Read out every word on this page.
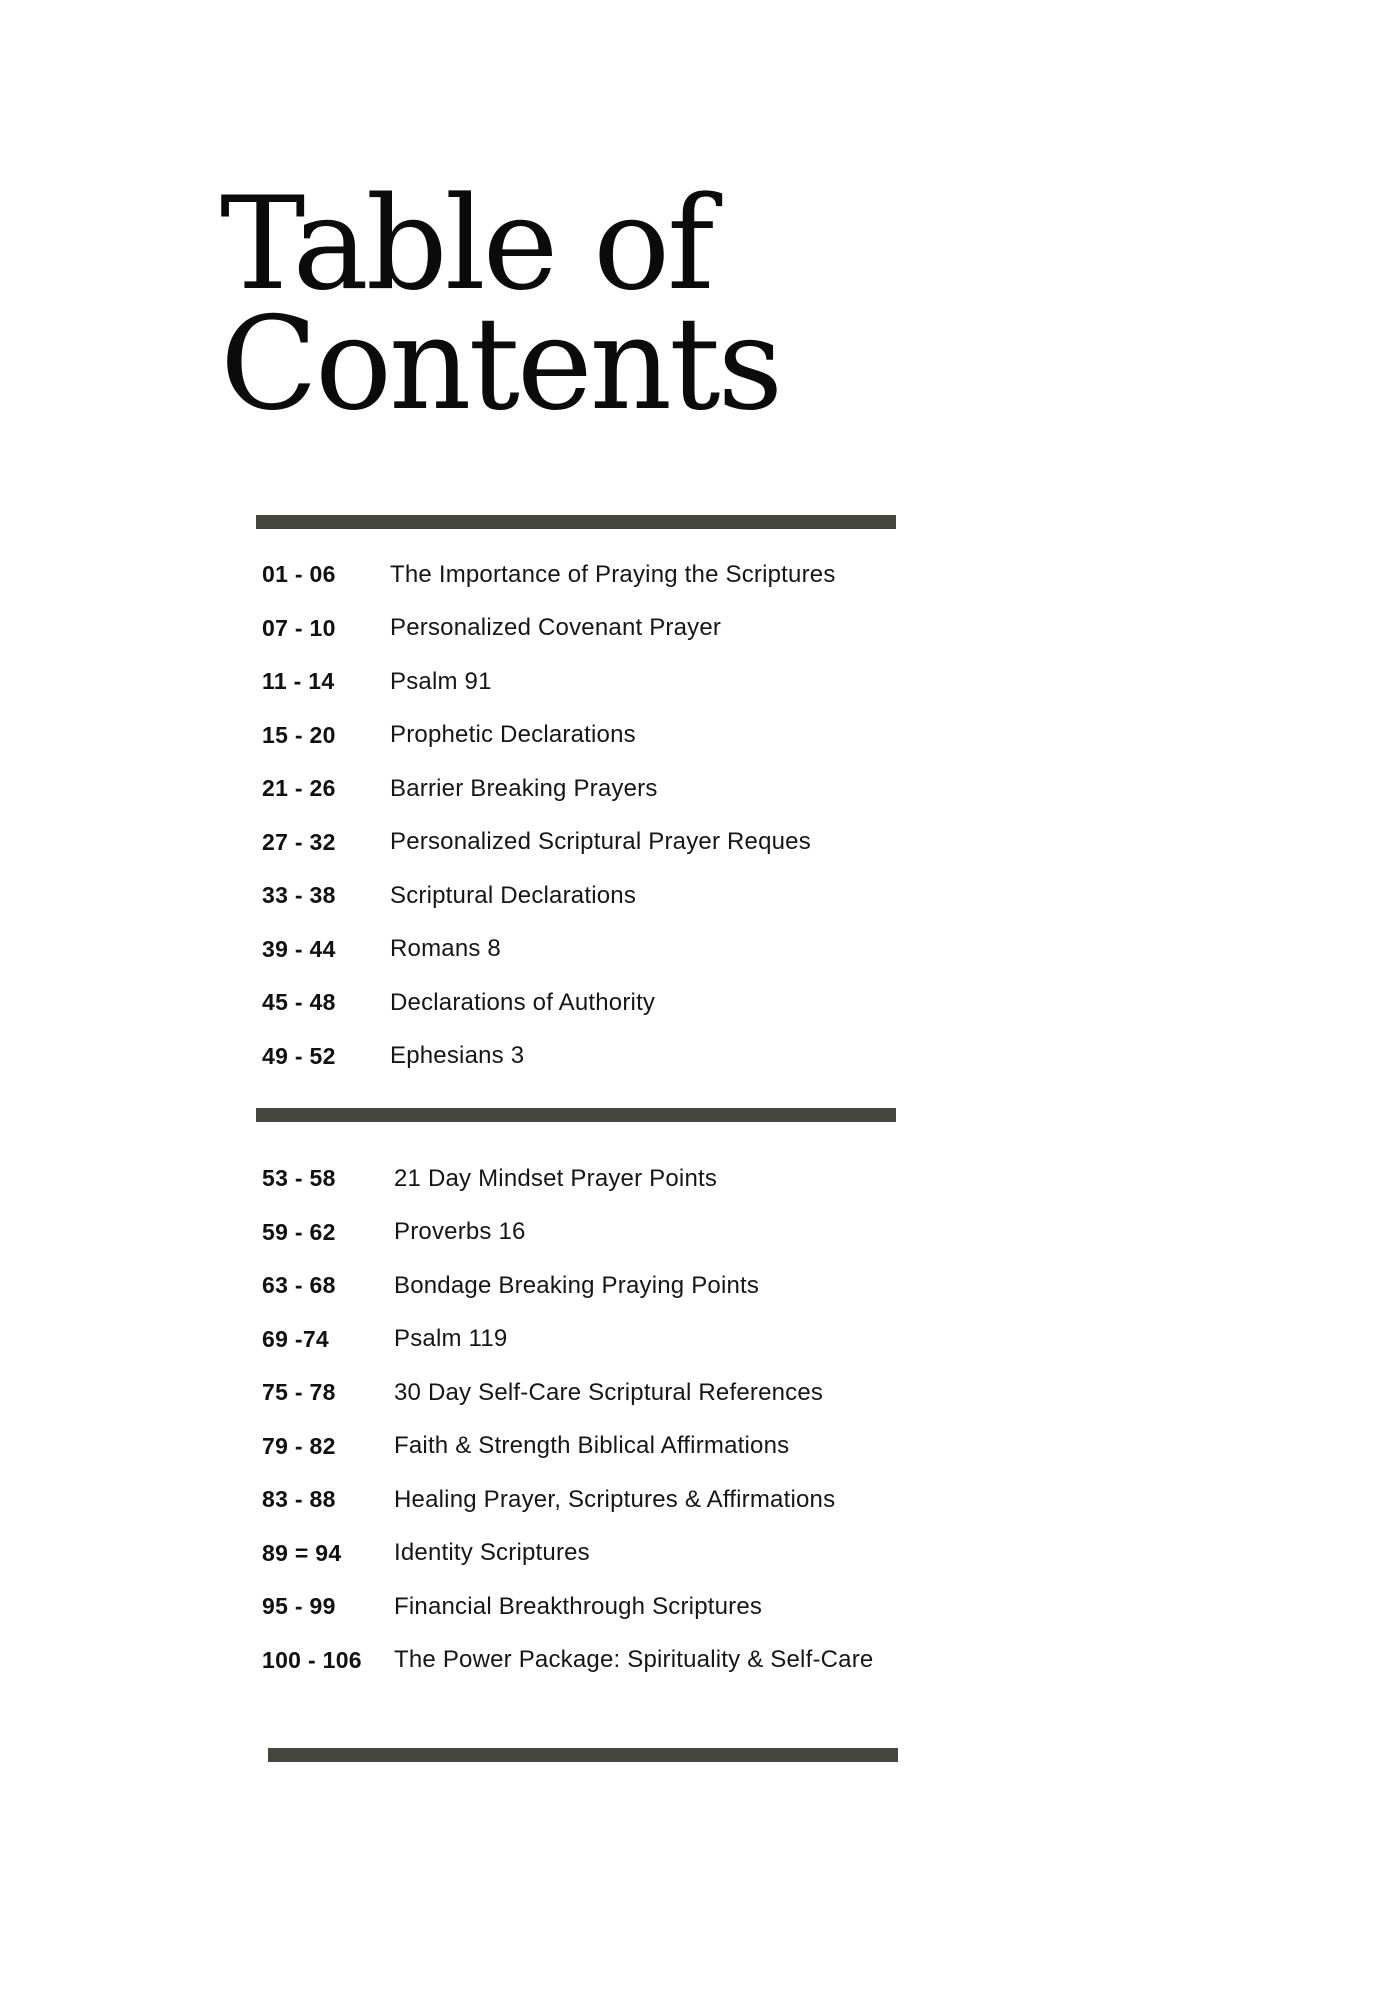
Table of
Contents
01 - 06	The Importance of Praying the Scriptures
07 - 10	Personalized Covenant Prayer
11 - 14	Psalm 91
15 - 20	Prophetic Declarations
21 - 26	Barrier Breaking Prayers
27 - 32	Personalized Scriptural Prayer Reques
33 - 38	Scriptural Declarations
39 - 44	Romans 8
45 - 48	Declarations of Authority
49 - 52	Ephesians 3
53 - 58	21 Day Mindset Prayer Points
59 - 62	Proverbs 16
63 - 68	Bondage Breaking Praying Points
69 -74	Psalm 119
75 - 78	30 Day Self-Care Scriptural References
79 - 82	Faith & Strength Biblical Affirmations
83 - 88	Healing Prayer, Scriptures & Affirmations
89 = 94	Identity Scriptures
95 - 99	Financial Breakthrough Scriptures
100 - 106	The Power Package: Spirituality & Self-Care
